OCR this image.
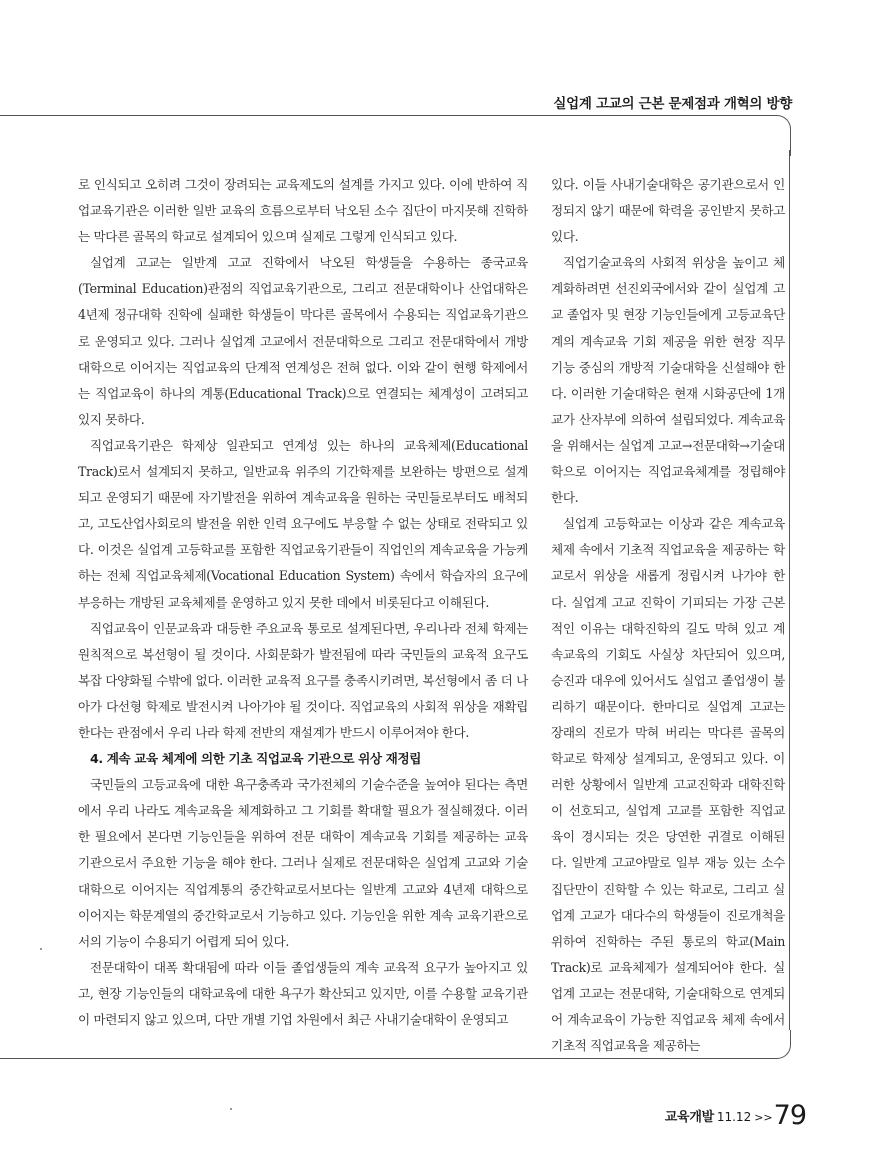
실업계 고교의 근본 문제점과 개혁의 방향

로 인식되고 오히려 그것이 장려되는 교육제도의 설계를 가지고 있다. 이에 반하여 직업교육기관은 이러한 일반 교육의 흐름으로부터 낙오된 소수 집단이 마지못해 진학하는 막다른 골목의 학교로 설계되어 있으며 실제로 그렇게 인식되고 있다.

실업계 고교는 일반계 고교 진학에서 낙오된 학생들을 수용하는 종국교육(Terminal Education)관점의 직업교육기관으로, 그리고 전문대학이나 산업대학은 4년제 정규대학 진학에 실패한 학생들이 막다른 골목에서 수용되는 직업교육기관으로 운영되고 있다. 그러나 실업계 고교에서 전문대학으로 그리고 전문대학에서 개방대학으로 이어지는 직업교육의 단계적 연계성은 전혀 없다. 이와 같이 현행 학제에서는 직업교육이 하나의 계통(Educational Track)으로 연결되는 체계성이 고려되고 있지 못하다.

직업교육기관은 학제상 일관되고 연계성 있는 하나의 교육체제(Educational Track)로서 설계되지 못하고, 일반교육 위주의 기간학제를 보완하는 방편으로 설계되고 운영되기 때문에 자기발전을 위하여 계속교육을 원하는 국민들로부터도 배척되고, 고도산업사회로의 발전을 위한 인력 요구에도 부응할 수 없는 상태로 전락되고 있다. 이것은 실업계 고등학교를 포함한 직업교육기관들이 직업인의 계속교육을 가능케 하는 전체 직업교육체제(Vocational Education System) 속에서 학습자의 요구에 부응하는 개방된 교육체제를 운영하고 있지 못한 데에서 비롯된다고 이해된다.

직업교육이 인문교육과 대등한 주요교육 통로로 설계된다면, 우리나라 전체 학제는 원칙적으로 복선형이 될 것이다. 사회문화가 발전됨에 따라 국민들의 교육적 요구도 복잡 다양화될 수밖에 없다. 이러한 교육적 요구를 충족시키려면, 복선형에서 좀 더 나아가 다선형 학제로 발전시켜 나아가야 될 것이다. 직업교육의 사회적 위상을 재확립한다는 관점에서 우리 나라 학제 전반의 재설계가 반드시 이루어져야 한다.

4. 계속 교육 체계에 의한 기초 직업교육 기관으로 위상 재정립

국민들의 고등교육에 대한 욕구충족과 국가전체의 기술수준을 높여야 된다는 측면에서 우리 나라도 계속교육을 체계화하고 그 기회를 확대할 필요가 절실해졌다. 이러한 필요에서 본다면 기능인들을 위하여 전문 대학이 계속교육 기회를 제공하는 교육기관으로서 주요한 기능을 해야 한다. 그러나 실제로 전문대학은 실업계 고교와 기술대학으로 이어지는 직업계통의 중간학교로서보다는 일반계 고교와 4년제 대학으로 이어지는 학문계열의 중간학교로서 기능하고 있다. 기능인을 위한 계속 교육기관으로서의 기능이 수용되기 어렵게 되어 있다.

전문대학이 대폭 확대됨에 따라 이들 졸업생들의 계속 교육적 요구가 높아지고 있고, 현장 기능인들의 대학교육에 대한 욕구가 확산되고 있지만, 이를 수용할 교육기관이 마련되지 않고 있으며, 다만 개별 기업 차원에서 최근 사내기술대학이 운영되고

있다. 이들 사내기술대학은 공기관으로서 인정되지 않기 때문에 학력을 공인받지 못하고 있다.

직업기술교육의 사회적 위상을 높이고 체계화하려면 선진외국에서와 같이 실업계 고교 졸업자 및 현장 기능인들에게 고등교육단계의 계속교육 기회 제공을 위한 현장 직무 기능 중심의 개방적 기술대학을 신설해야 한다. 이러한 기술대학은 현재 시화공단에 1개교가 산자부에 의하여 설립되었다. 계속교육을 위해서는 실업계 고교→전문대학→기술대학으로 이어지는 직업교육체계를 정립해야 한다.

실업계 고등학교는 이상과 같은 계속교육체제 속에서 기초적 직업교육을 제공하는 학교로서 위상을 새롭게 정립시켜 나가야 한다. 실업계 고교 진학이 기피되는 가장 근본적인 이유는 대학진학의 길도 막혀 있고 계속교육의 기회도 사실상 차단되어 있으며, 승진과 대우에 있어서도 실업고 졸업생이 불리하기 때문이다. 한마디로 실업계 고교는 장래의 진로가 막혀 버리는 막다른 골목의 학교로 학제상 설계되고, 운영되고 있다. 이러한 상황에서 일반계 고교진학과 대학진학이 선호되고, 실업계 고교를 포함한 직업교육이 경시되는 것은 당연한 귀결로 이해된다. 일반계 고교야말로 일부 재능 있는 소수집단만이 진학할 수 있는 학교로, 그리고 실업계 고교가 대다수의 학생들이 진로개척을 위하여 진학하는 주된 통로의 학교(Main Track)로 교육체제가 설계되어야 한다. 실업계 고교는 전문대학, 기술대학으로 연계되어 계속교육이 가능한 직업교육 체제 속에서 기초적 직업교육을 제공하는

교육개발 11.12 >>79
